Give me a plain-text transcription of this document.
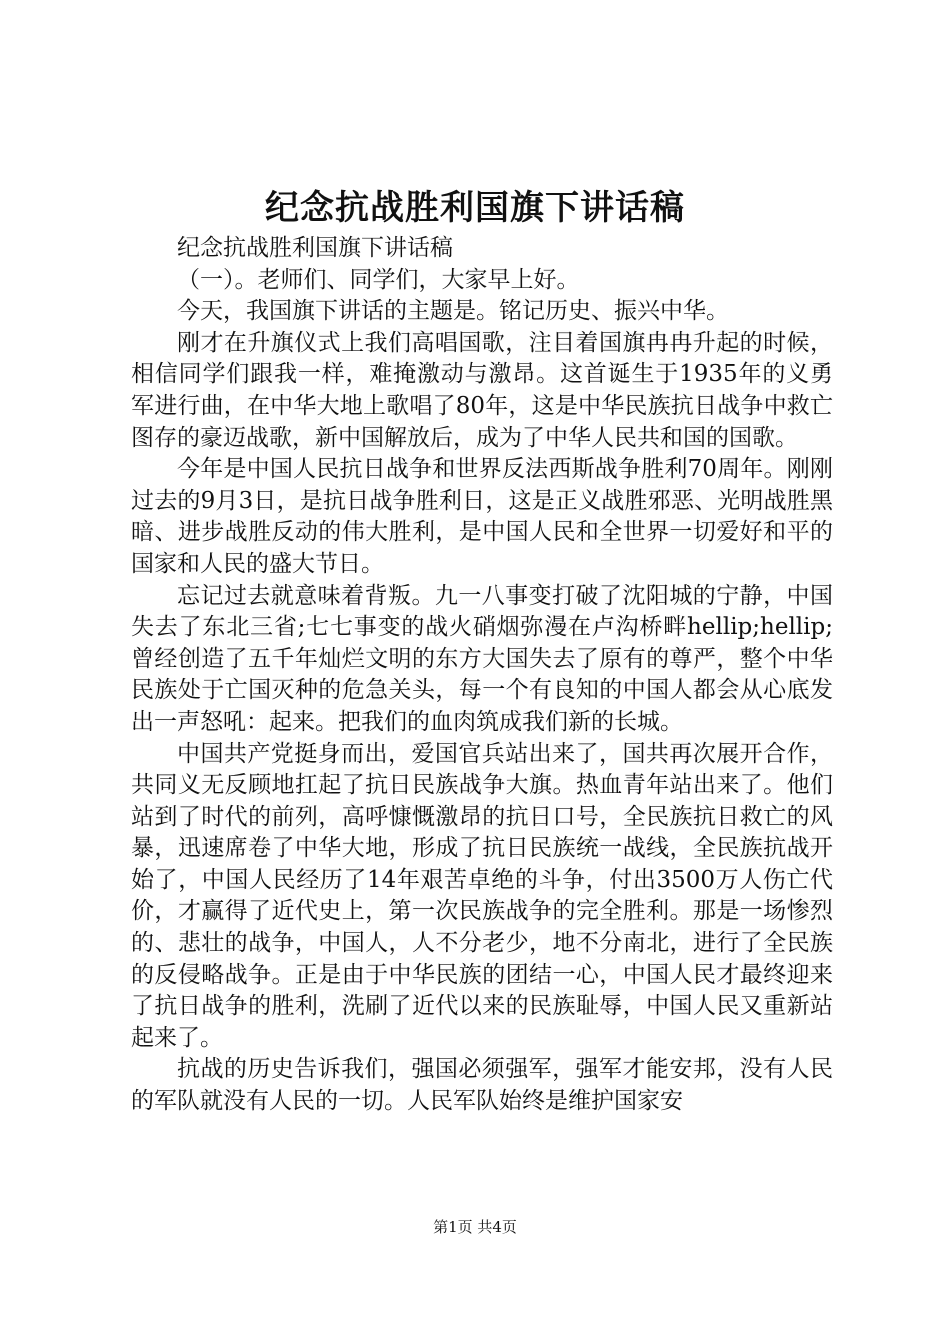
纪念抗战胜利国旗下讲话稿

纪念抗战胜利国旗下讲话稿

（一）。老师们、同学们，大家早上好。

今天，我国旗下讲话的主题是。铭记历史、振兴中华。

刚才在升旗仪式上我们高唱国歌，注目着国旗冉冉升起的时候，相信同学们跟我一样，难掩激动与激昂。这首诞生于1935年的义勇军进行曲，在中华大地上歌唱了80年，这是中华民族抗日战争中救亡图存的豪迈战歌，新中国解放后，成为了中华人民共和国的国歌。

今年是中国人民抗日战争和世界反法西斯战争胜利70周年。刚刚过去的9月3日，是抗日战争胜利日，这是正义战胜邪恶、光明战胜黑暗、进步战胜反动的伟大胜利，是中国人民和全世界一切爱好和平的国家和人民的盛大节日。

忘记过去就意味着背叛。九一八事变打破了沈阳城的宁静，中国失去了东北三省;七七事变的战火硝烟弥漫在卢沟桥畔hellip;hellip;曾经创造了五千年灿烂文明的东方大国失去了原有的尊严，整个中华民族处于亡国灭种的危急关头，每一个有良知的中国人都会从心底发出一声怒吼：起来。把我们的血肉筑成我们新的长城。

中国共产党挺身而出，爱国官兵站出来了，国共再次展开合作，共同义无反顾地扛起了抗日民族战争大旗。热血青年站出来了。他们站到了时代的前列，高呼慷慨激昂的抗日口号，全民族抗日救亡的风暴，迅速席卷了中华大地，形成了抗日民族统一战线，全民族抗战开始了，中国人民经历了14年艰苦卓绝的斗争，付出3500万人伤亡代价，才赢得了近代史上，第一次民族战争的完全胜利。那是一场惨烈的、悲壮的战争，中国人，人不分老少，地不分南北，进行了全民族的反侵略战争。正是由于中华民族的团结一心，中国人民才最终迎来了抗日战争的胜利，洗刷了近代以来的民族耻辱，中国人民又重新站起来了。

抗战的历史告诉我们，强国必须强军，强军才能安邦，没有人民的军队就没有人民的一切。人民军队始终是维护国家安

第1页 共4页
